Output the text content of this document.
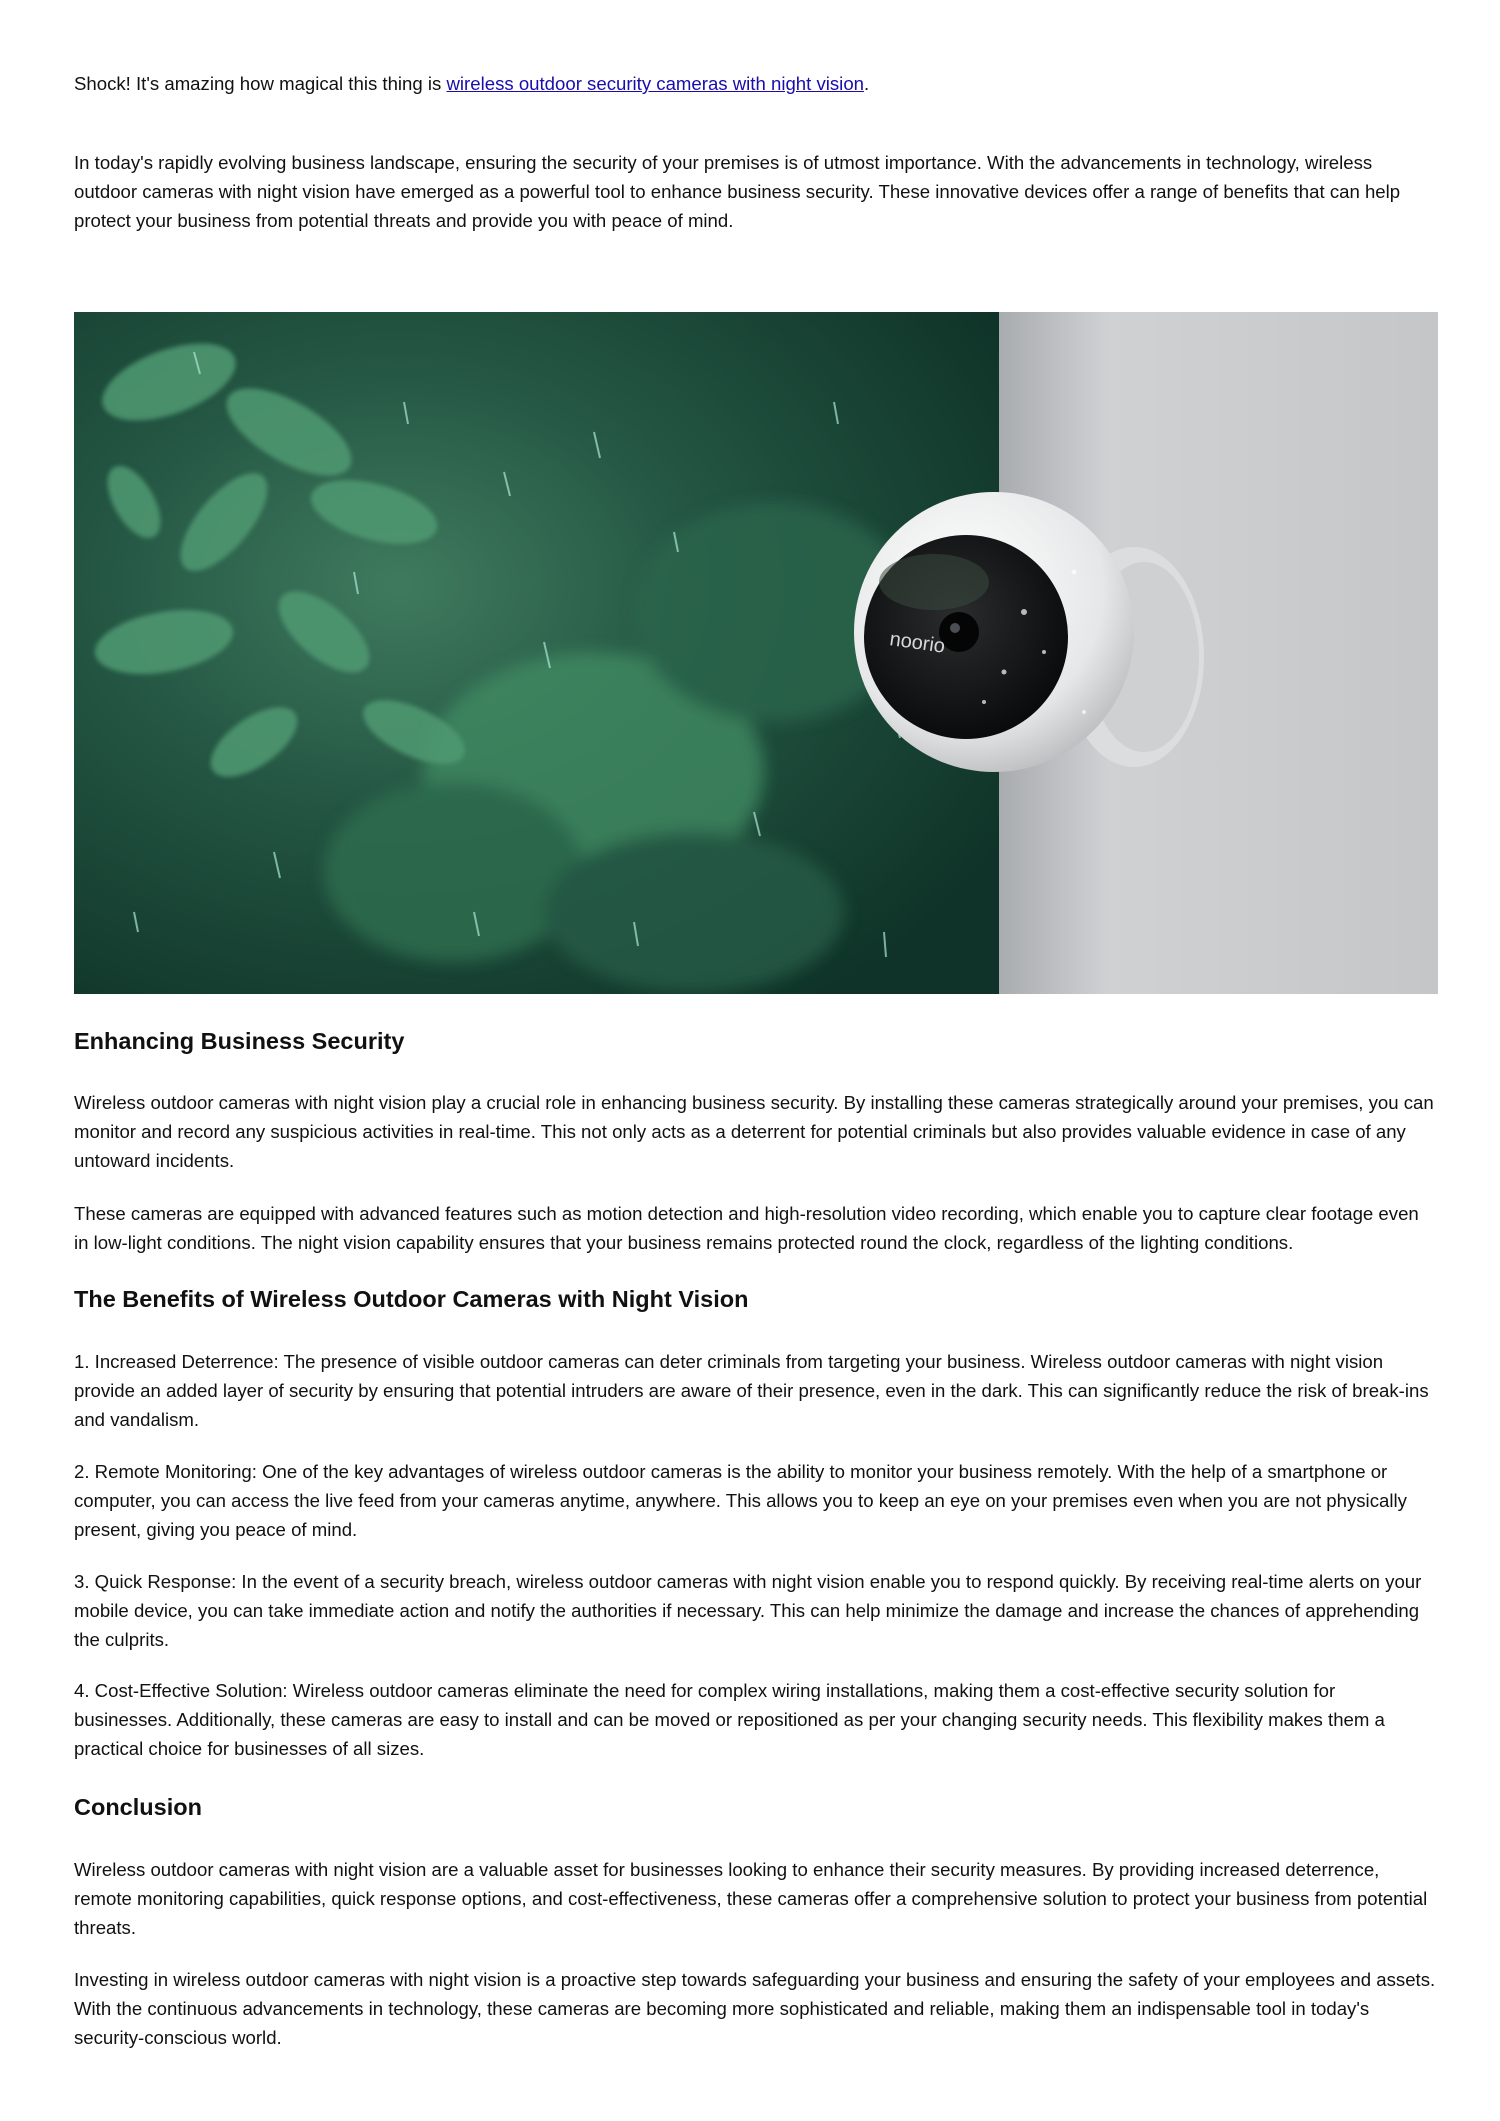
Shock! It's amazing how magical this thing is wireless outdoor security cameras with night vision.

In today's rapidly evolving business landscape, ensuring the security of your premises is of utmost importance. With the advancements in technology, wireless outdoor cameras with night vision have emerged as a powerful tool to enhance business security. These innovative devices offer a range of benefits that can help protect your business from potential threats and provide you with peace of mind.

noorio
Enhancing Business Security

Wireless outdoor cameras with night vision play a crucial role in enhancing business security. By installing these cameras strategically around your premises, you can monitor and record any suspicious activities in real-time. This not only acts as a deterrent for potential criminals but also provides valuable evidence in case of any untoward incidents.

These cameras are equipped with advanced features such as motion detection and high-resolution video recording, which enable you to capture clear footage even in low-light conditions. The night vision capability ensures that your business remains protected round the clock, regardless of the lighting conditions.

The Benefits of Wireless Outdoor Cameras with Night Vision

1. Increased Deterrence: The presence of visible outdoor cameras can deter criminals from targeting your business. Wireless outdoor cameras with night vision provide an added layer of security by ensuring that potential intruders are aware of their presence, even in the dark. This can significantly reduce the risk of break-ins and vandalism.

2. Remote Monitoring: One of the key advantages of wireless outdoor cameras is the ability to monitor your business remotely. With the help of a smartphone or computer, you can access the live feed from your cameras anytime, anywhere. This allows you to keep an eye on your premises even when you are not physically present, giving you peace of mind.

3. Quick Response: In the event of a security breach, wireless outdoor cameras with night vision enable you to respond quickly. By receiving real-time alerts on your mobile device, you can take immediate action and notify the authorities if necessary. This can help minimize the damage and increase the chances of apprehending the culprits.

4. Cost-Effective Solution: Wireless outdoor cameras eliminate the need for complex wiring installations, making them a cost-effective security solution for businesses. Additionally, these cameras are easy to install and can be moved or repositioned as per your changing security needs. This flexibility makes them a practical choice for businesses of all sizes.

Conclusion

Wireless outdoor cameras with night vision are a valuable asset for businesses looking to enhance their security measures. By providing increased deterrence, remote monitoring capabilities, quick response options, and cost-effectiveness, these cameras offer a comprehensive solution to protect your business from potential threats.

Investing in wireless outdoor cameras with night vision is a proactive step towards safeguarding your business and ensuring the safety of your employees and assets. With the continuous advancements in technology, these cameras are becoming more sophisticated and reliable, making them an indispensable tool in today's security-conscious world.
